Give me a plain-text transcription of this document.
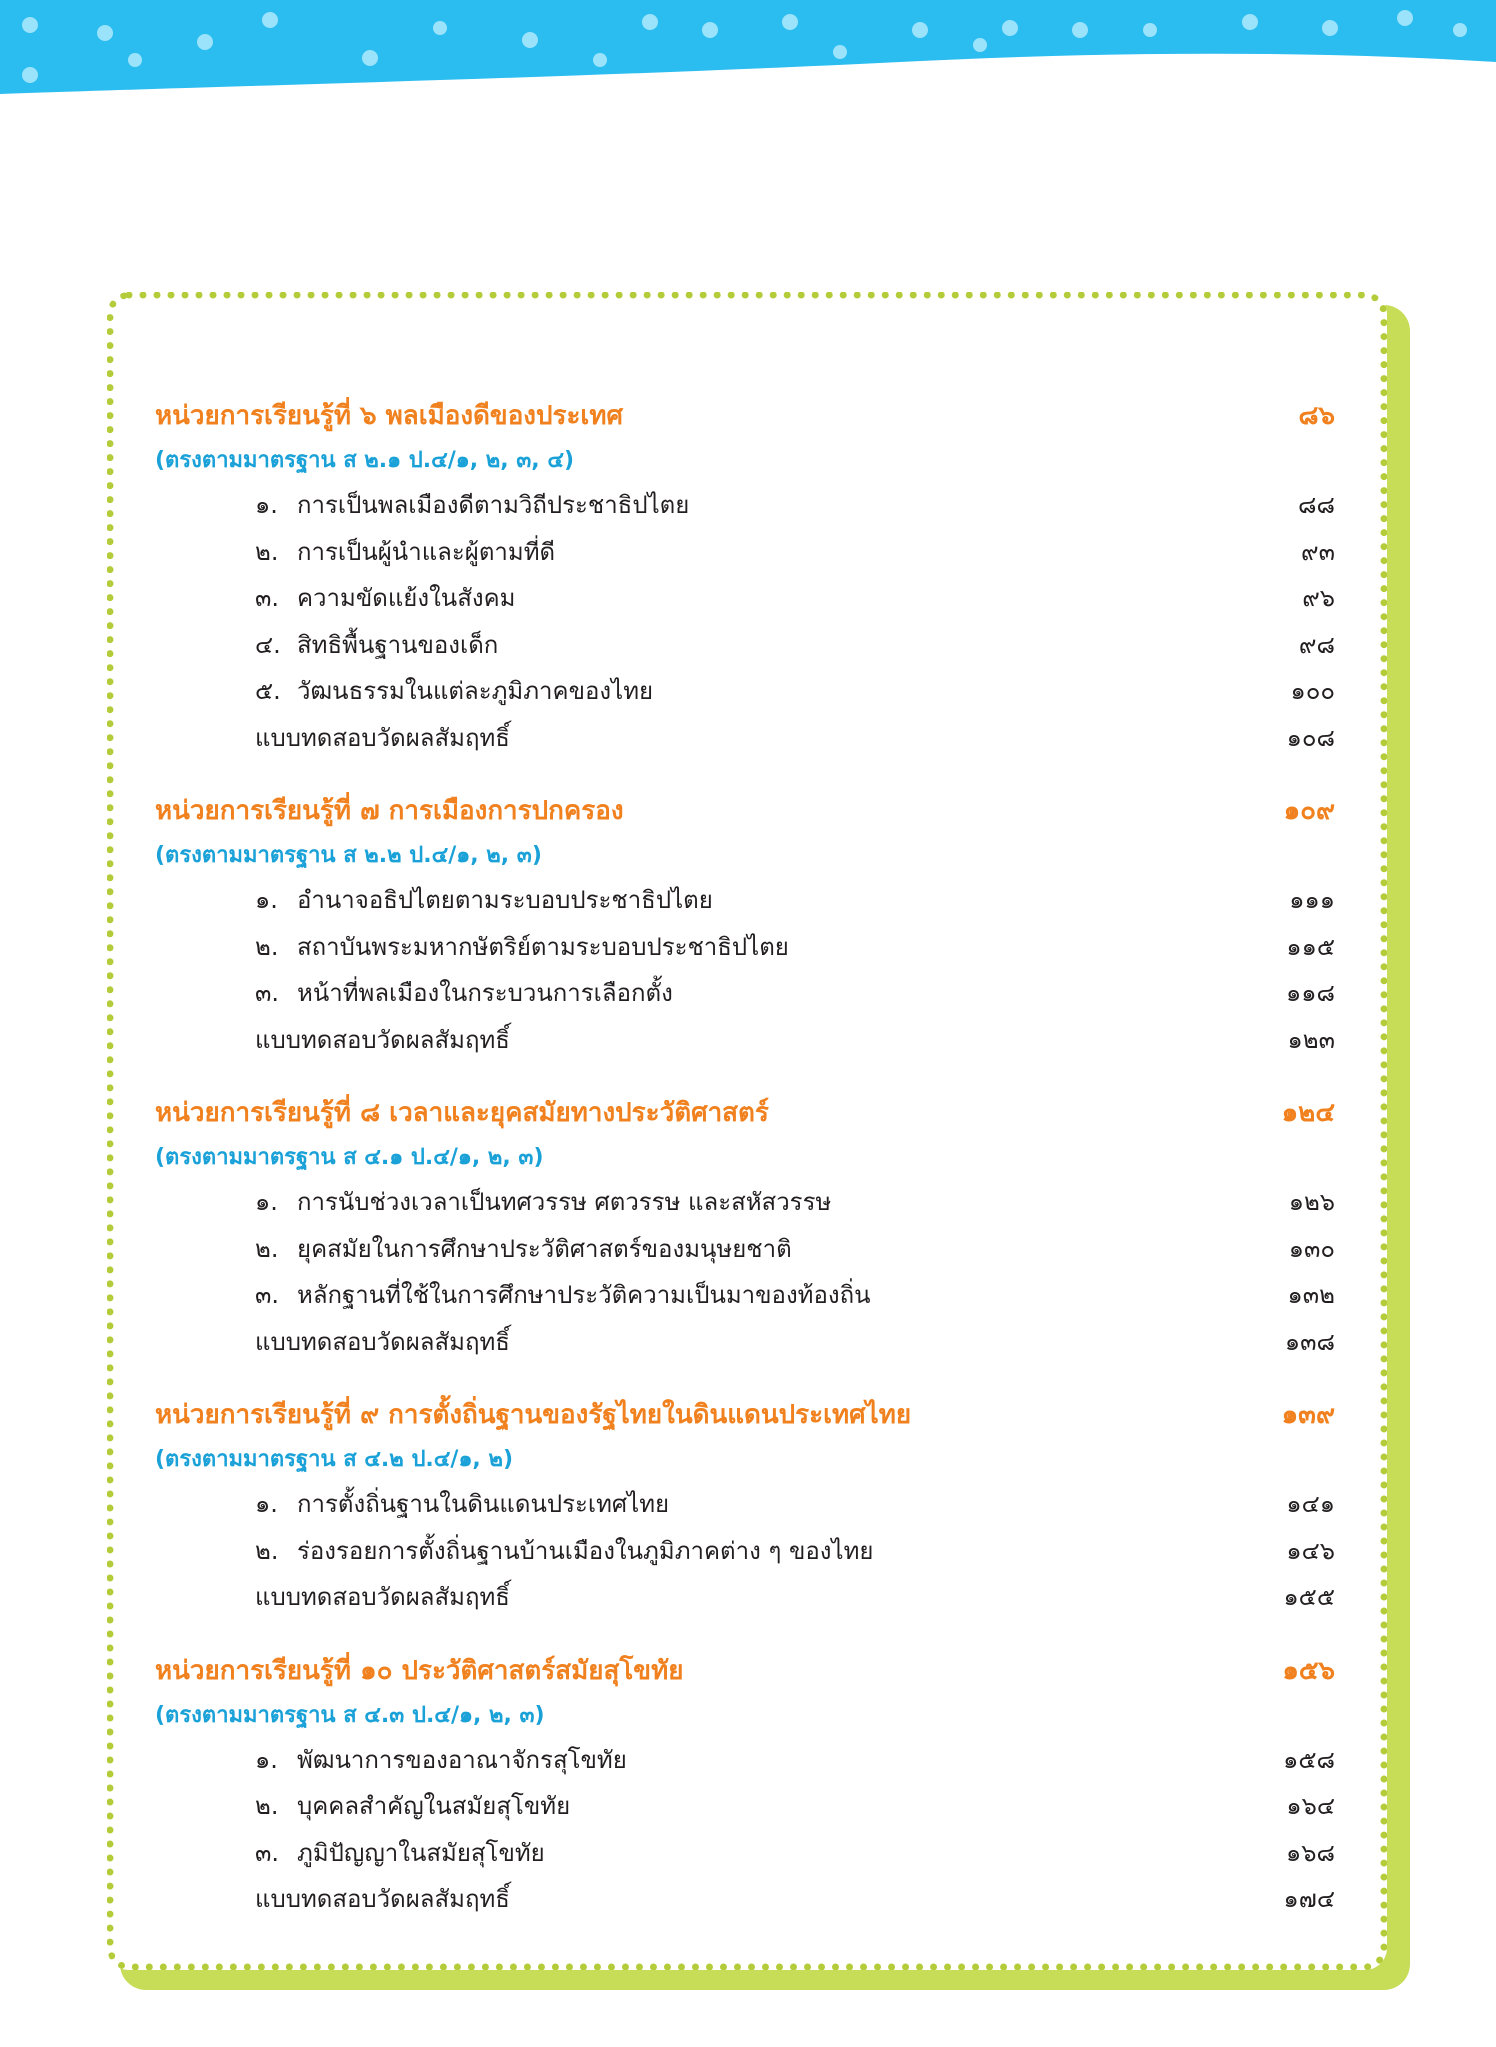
หน่วยการเรียนรู้ที่ ๖ พลเมืองดีของประเทศ	๘๖
(ตรงตามมาตรฐาน ส ๒.๑ ป.๔/๑, ๒, ๓, ๔)
๑. การเป็นพลเมืองดีตามวิถีประชาธิปไตย	๘๘
๒. การเป็นผู้นำและผู้ตามที่ดี	๙๓
๓. ความขัดแย้งในสังคม	๙๖
๔. สิทธิพื้นฐานของเด็ก	๙๘
๕. วัฒนธรรมในแต่ละภูมิภาคของไทย	๑๐๐
แบบทดสอบวัดผลสัมฤทธิ์	๑๐๘
หน่วยการเรียนรู้ที่ ๗ การเมืองการปกครอง	๑๐๙
(ตรงตามมาตรฐาน ส ๒.๒ ป.๔/๑, ๒, ๓)
๑. อำนาจอธิปไตยตามระบอบประชาธิปไตย	๑๑๑
๒. สถาบันพระมหากษัตริย์ตามระบอบประชาธิปไตย	๑๑๕
๓. หน้าที่พลเมืองในกระบวนการเลือกตั้ง	๑๑๘
แบบทดสอบวัดผลสัมฤทธิ์	๑๒๓
หน่วยการเรียนรู้ที่ ๘ เวลาและยุคสมัยทางประวัติศาสตร์	๑๒๔
(ตรงตามมาตรฐาน ส ๔.๑ ป.๔/๑, ๒, ๓)
๑. การนับช่วงเวลาเป็นทศวรรษ ศตวรรษ และสหัสวรรษ	๑๒๖
๒. ยุคสมัยในการศึกษาประวัติศาสตร์ของมนุษยชาติ	๑๓๐
๓. หลักฐานที่ใช้ในการศึกษาประวัติความเป็นมาของท้องถิ่น	๑๓๒
แบบทดสอบวัดผลสัมฤทธิ์	๑๓๘
หน่วยการเรียนรู้ที่ ๙ การตั้งถิ่นฐานของรัฐไทยในดินแดนประเทศไทย	๑๓๙
(ตรงตามมาตรฐาน ส ๔.๒ ป.๔/๑, ๒)
๑. การตั้งถิ่นฐานในดินแดนประเทศไทย	๑๔๑
๒. ร่องรอยการตั้งถิ่นฐานบ้านเมืองในภูมิภาคต่าง ๆ ของไทย	๑๔๖
แบบทดสอบวัดผลสัมฤทธิ์	๑๕๕
หน่วยการเรียนรู้ที่ ๑๐ ประวัติศาสตร์สมัยสุโขทัย	๑๕๖
(ตรงตามมาตรฐาน ส ๔.๓ ป.๔/๑, ๒, ๓)
๑. พัฒนาการของอาณาจักรสุโขทัย	๑๕๘
๒. บุคคลสำคัญในสมัยสุโขทัย	๑๖๔
๓. ภูมิปัญญาในสมัยสุโขทัย	๑๖๘
แบบทดสอบวัดผลสัมฤทธิ์	๑๗๔
